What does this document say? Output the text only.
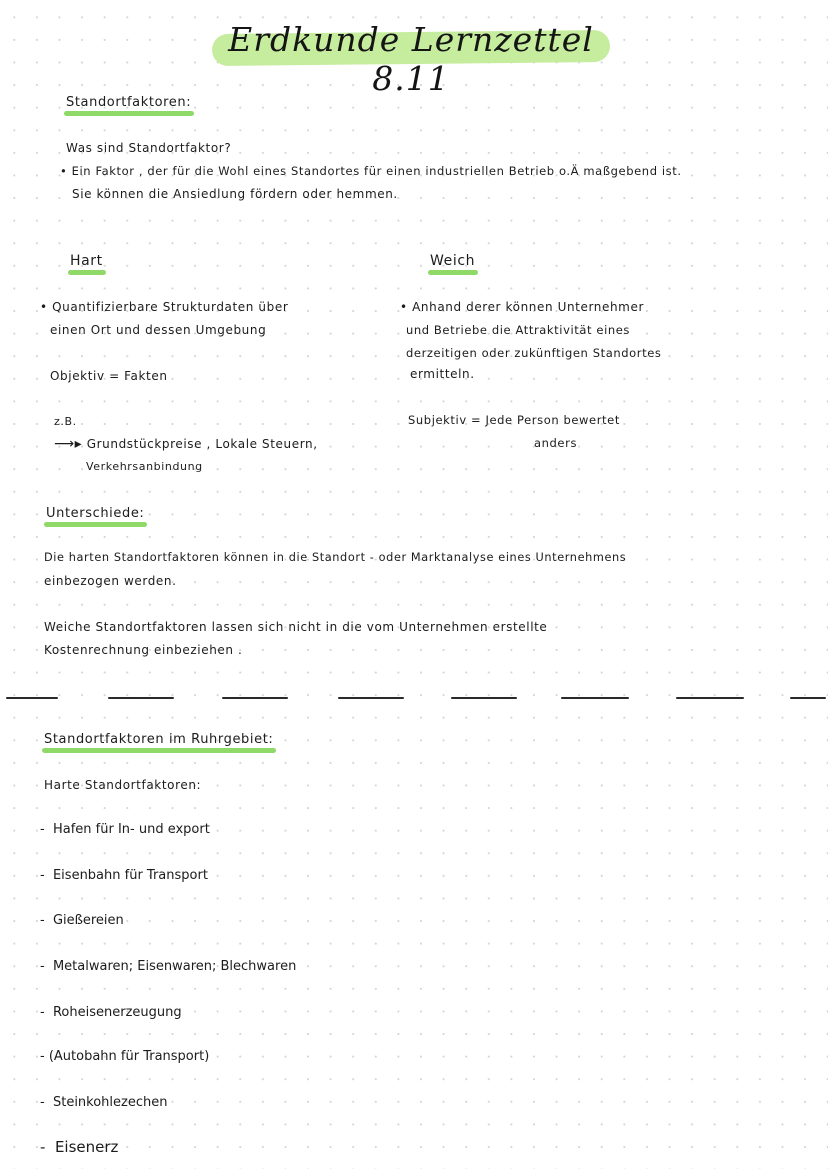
Erdkunde Lernzettel 8.11
Standortfaktoren:
Was sind Standortfaktor?
• Ein Faktor , der für die Wohl eines Standortes für einen industriellen Betrieb o.Ä maßgebend ist.
Sie können die Ansiedlung fördern oder hemmen.
Hart	Weich
• Quantifizierbare Strukturdaten über
einen Ort und dessen Umgebung
Objektiv = Fakten
z.B.
⟶▸ Grundstückpreise , Lokale Steuern,
Verkehrsanbindung
• Anhand derer können Unternehmer
und Betriebe die Attraktivität eines
derzeitigen oder zukünftigen Standortes
ermitteln.
Subjektiv = Jede Person bewertet
anders
Unterschiede:
Die harten Standortfaktoren können in die Standort - oder Marktanalyse eines Unternehmens
einbezogen werden.
Weiche Standortfaktoren lassen sich nicht in die vom Unternehmen erstellte
Kostenrechnung einbeziehen .
Standortfaktoren im Ruhrgebiet:
Harte Standortfaktoren:
-  Hafen für In- und export
-  Eisenbahn für Transport
-  Gießereien
-  Metalwaren; Eisenwaren; Blechwaren
-  Roheisenerzeugung
- (Autobahn für Transport)
-  Steinkohlezechen
-  Eisenerz
